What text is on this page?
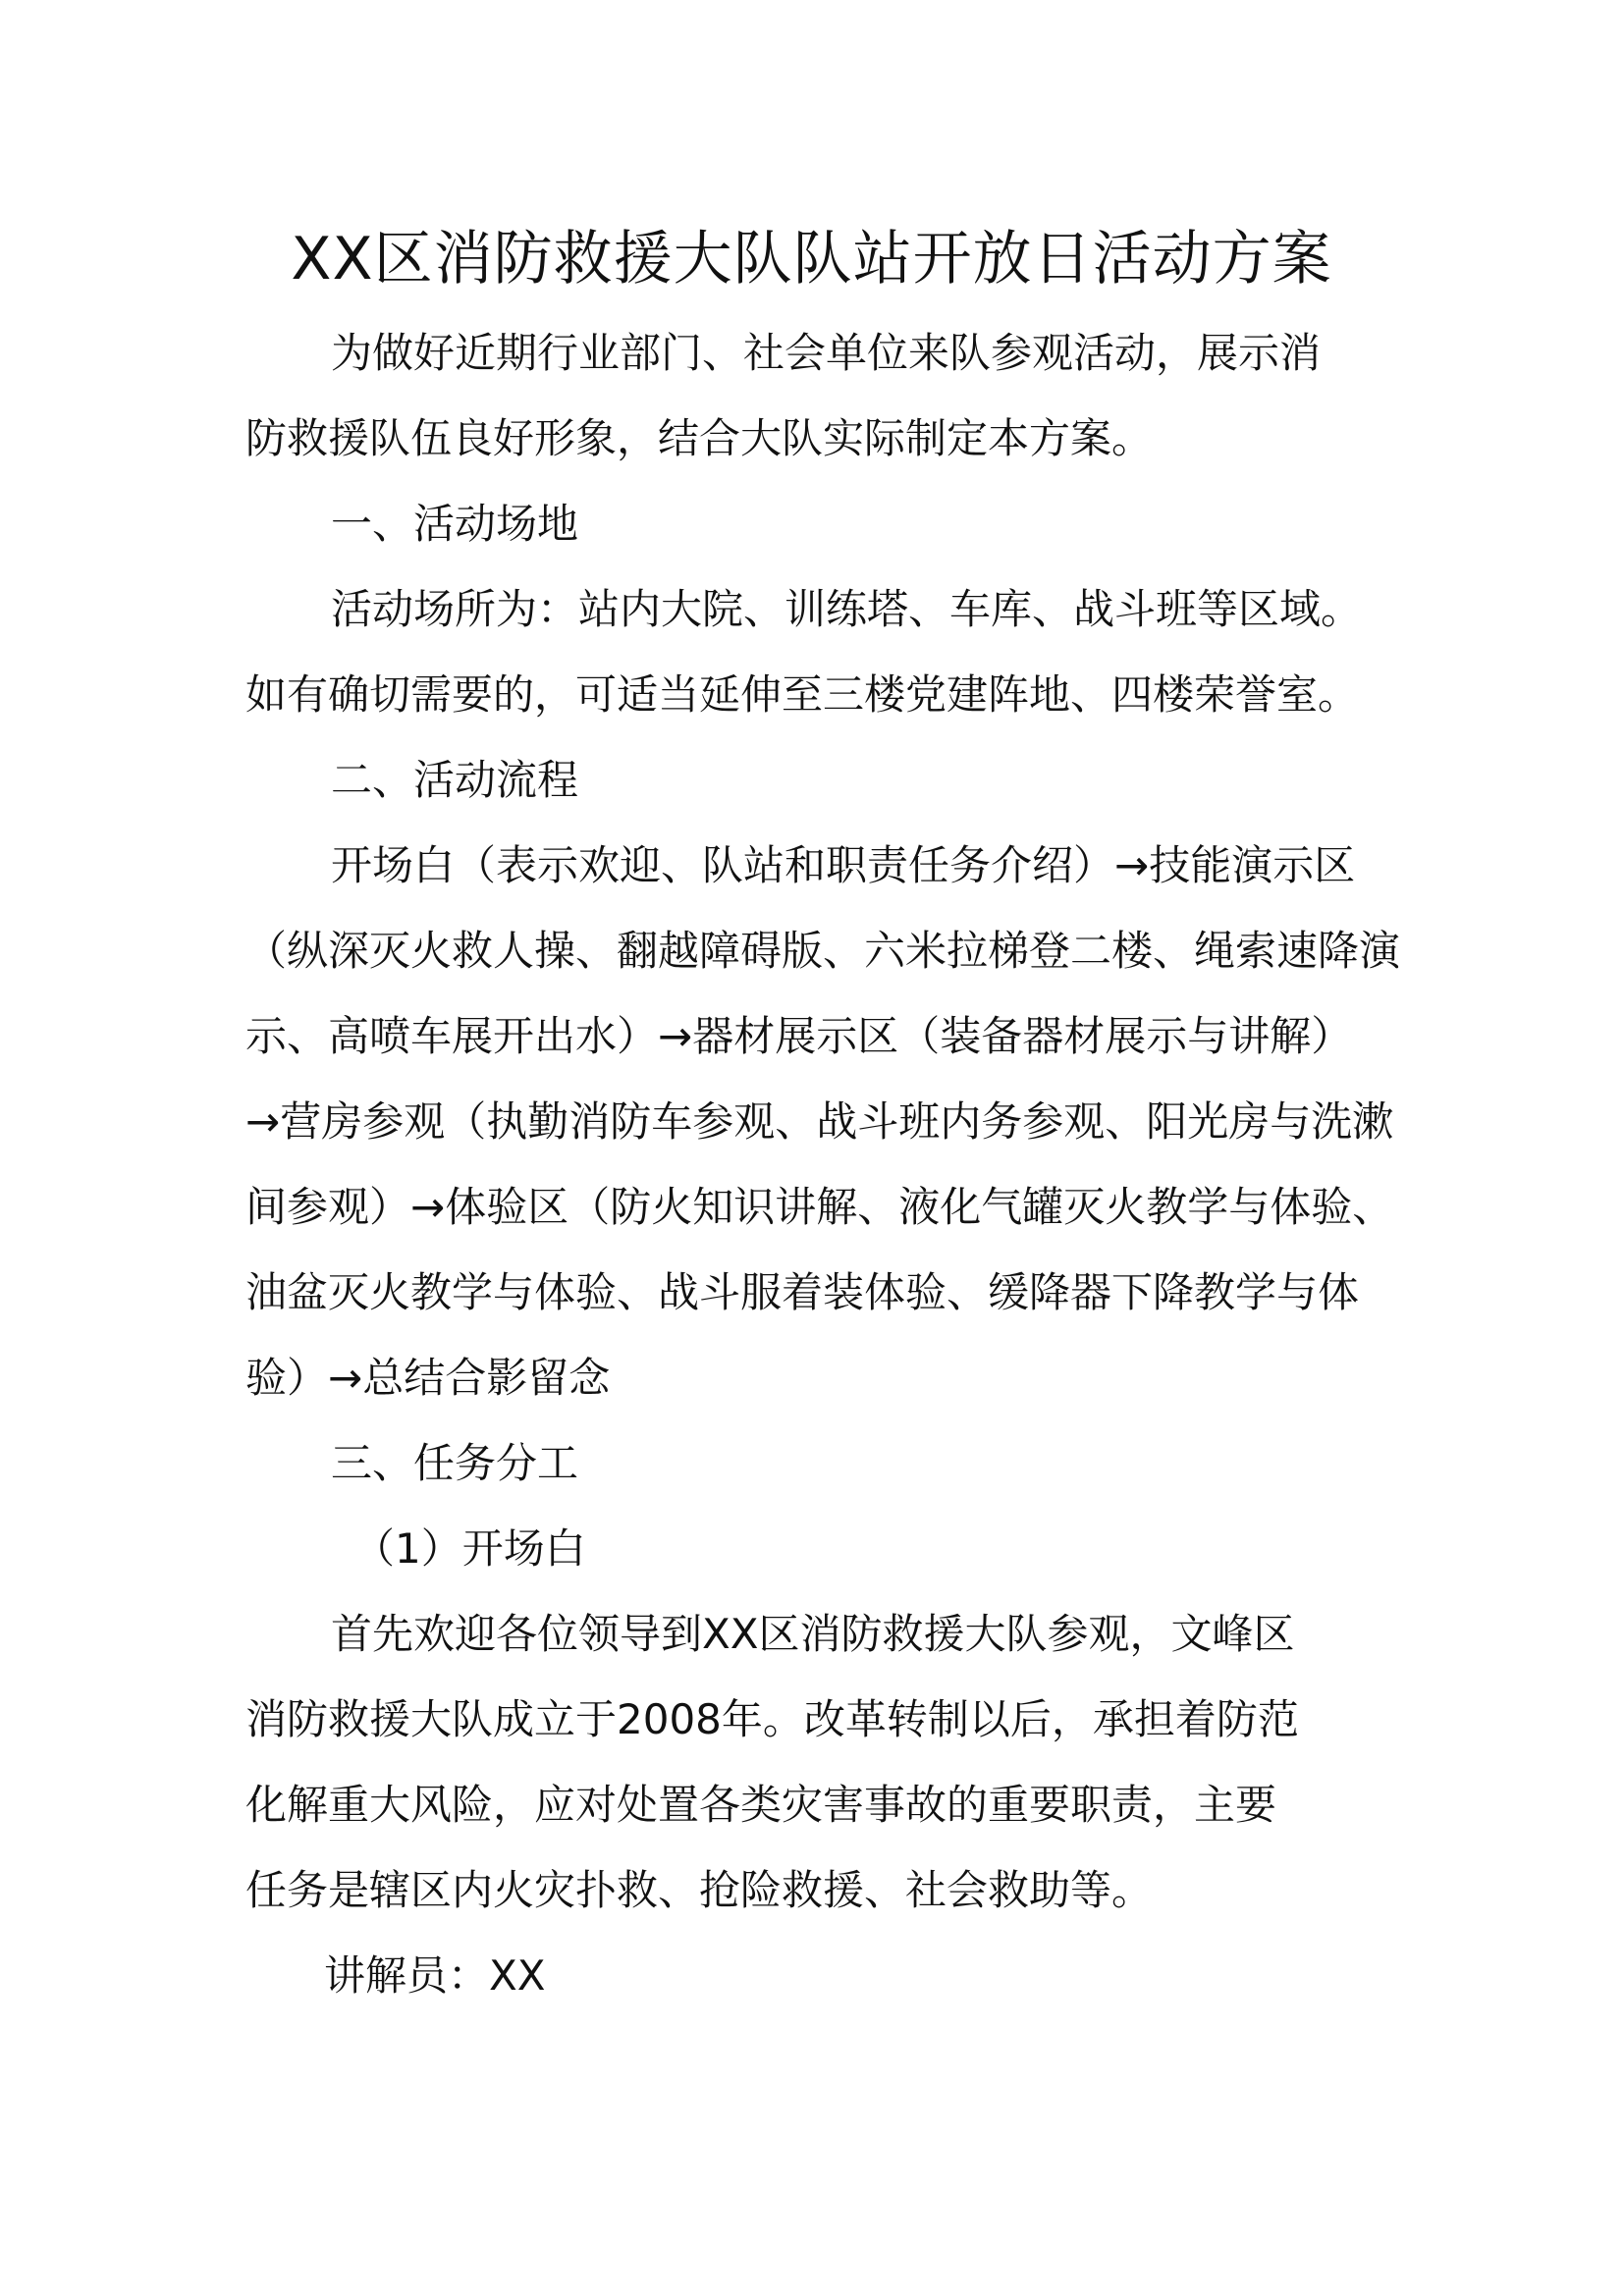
XX区消防救援大队队站开放日活动方案

为做好近期行业部门、社会单位来队参观活动，展示消

防救援队伍良好形象，结合大队实际制定本方案。

一、活动场地

活动场所为：站内大院、训练塔、车库、战斗班等区域。

如有确切需要的，可适当延伸至三楼党建阵地、四楼荣誉室。

二、活动流程

开场白（表示欢迎、队站和职责任务介绍）→技能演示区

（纵深灭火救人操、翻越障碍版、六米拉梯登二楼、绳索速降演

示、高喷车展开出水）→器材展示区（装备器材展示与讲解）

→营房参观（执勤消防车参观、战斗班内务参观、阳光房与洗漱

间参观）→体验区（防火知识讲解、液化气罐灭火教学与体验、

油盆灭火教学与体验、战斗服着装体验、缓降器下降教学与体

验）→总结合影留念

三、任务分工

（1）开场白

首先欢迎各位领导到XX区消防救援大队参观，文峰区

消防救援大队成立于2008年。改革转制以后，承担着防范

化解重大风险，应对处置各类灾害事故的重要职责，主要

任务是辖区内火灾扑救、抢险救援、社会救助等。

讲解员：XX
